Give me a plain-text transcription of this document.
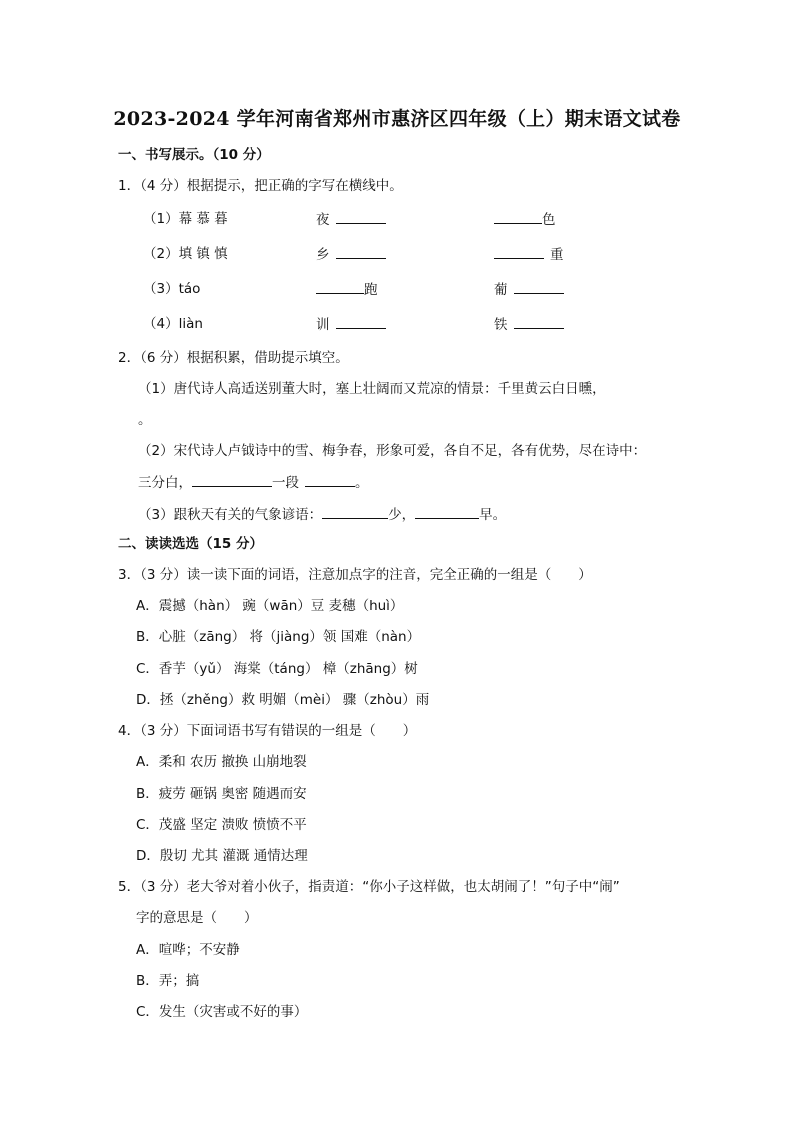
2023-2024 学年河南省郑州市惠济区四年级（上）期末语文试卷
一、书写展示。（10 分）
1．（4 分）根据提示，把正确的字写在横线中。
（1）幕 慕 暮	夜	色
（2）填 镇 慎	乡	重
（3）táo	跑	葡
（4）liàn	训	铁
2．（6 分）根据积累，借助提示填空。
（1）唐代诗人高适送别董大时，塞上壮阔而又荒凉的情景：千里黄云白日曛，
。
（2）宋代诗人卢钺诗中的雪、梅争春，形象可爱，各自不足，各有优势，尽在诗中：
三分白，	一段	。
（3）跟秋天有关的气象谚语：	少，	早。
二、读读选选（15 分）
3．（3 分）读一读下面的词语，注意加点字的注音，完全正确的一组是（　　）
A．震撼（hàn） 豌（wān）豆 麦穗（huì）
B．心脏（zāng） 将（jiàng）领 国难（nàn）
C．香芋（yǔ） 海棠（táng） 樟（zhāng）树
D．拯（zhěng）救 明媚（mèi） 骤（zhòu）雨
4．（3 分）下面词语书写有错误的一组是（　　）
A．柔和 农历 撤换 山崩地裂
B．疲劳 砸锅 奥密 随遇而安
C．茂盛 坚定 溃败 愤愤不平
D．殷切 尤其 灌溉 通情达理
5．（3 分）老大爷对着小伙子，指责道：“你小子这样做，也太胡闹了！”句子中“闹”
字的意思是（　　）
A．喧哗；不安静
B．弄；搞
C．发生（灾害或不好的事）
